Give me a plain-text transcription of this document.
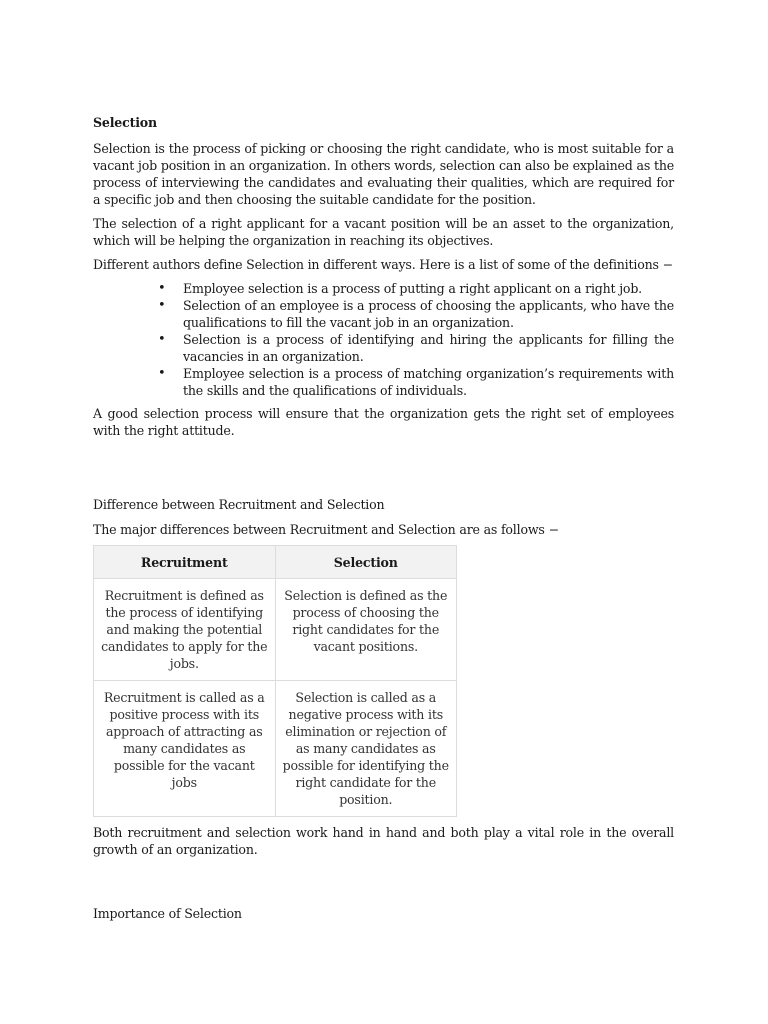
Selection

Selection is the process of picking or choosing the right candidate, who is most suitable for a vacant job position in an organization. In others words, selection can also be explained as the process of interviewing the candidates and evaluating their qualities, which are required for a specific job and then choosing the suitable candidate for the position.

The selection of a right applicant for a vacant position will be an asset to the organization, which will be helping the organization in reaching its objectives.

Different authors define Selection in different ways. Here is a list of some of the definitions −

• Employee selection is a process of putting a right applicant on a right job.
• Selection of an employee is a process of choosing the applicants, who have the qualifications to fill the vacant job in an organization.
• Selection is a process of identifying and hiring the applicants for filling the vacancies in an organization.
• Employee selection is a process of matching organization’s requirements with the skills and the qualifications of individuals.

A good selection process will ensure that the organization gets the right set of employees with the right attitude.

Difference between Recruitment and Selection

The major differences between Recruitment and Selection are as follows −

Recruitment	Selection
Recruitment is defined as the process of identifying and making the potential candidates to apply for the jobs.	Selection is defined as the process of choosing the right candidates for the vacant positions.
Recruitment is called as a positive process with its approach of attracting as many candidates as possible for the vacant jobs	Selection is called as a negative process with its elimination or rejection of as many candidates as possible for identifying the right candidate for the position.

Both recruitment and selection work hand in hand and both play a vital role in the overall growth of an organization.

Importance of Selection
